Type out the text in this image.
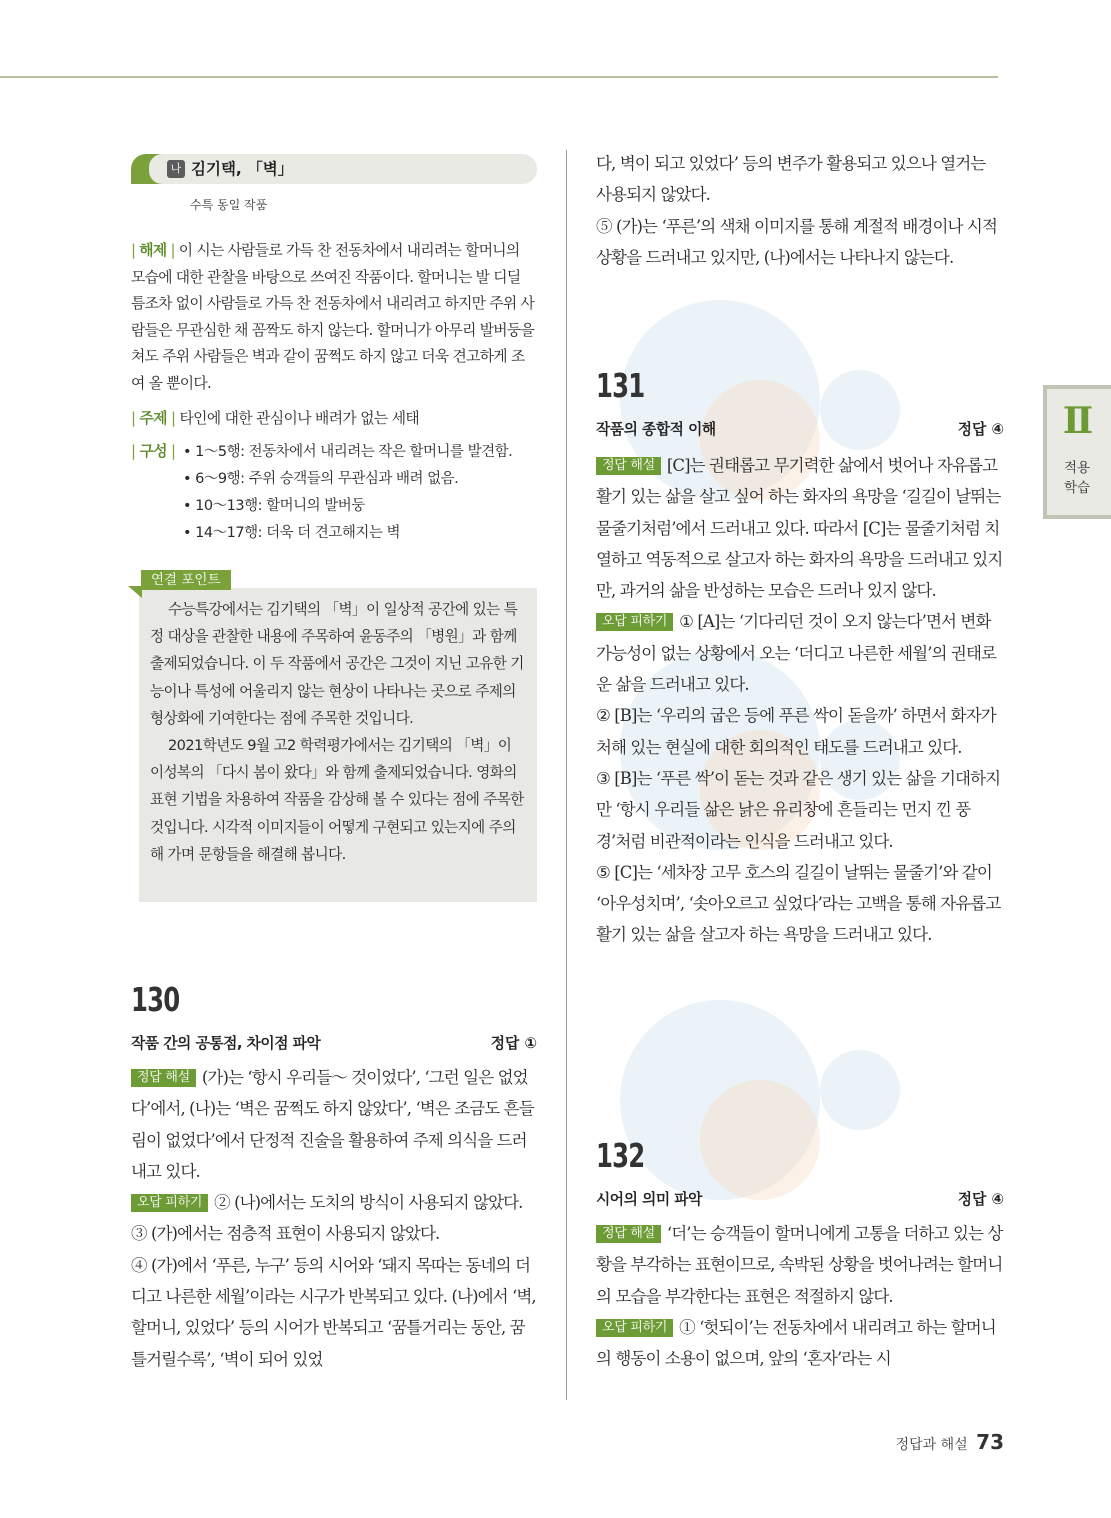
나 김기택, 「벽」
수특 동일 작품
| 해제 | 이 시는 사람들로 가득 찬 전동차에서 내리려는 할머니의 모습에 대한 관찰을 바탕으로 쓰여진 작품이다. 할머니는 발 디딜 틈조차 없이 사람들로 가득 찬 전동차에서 내리려고 하지만 주위 사람들은 무관심한 채 꼼짝도 하지 않는다. 할머니가 아무리 발버둥을 쳐도 주위 사람들은 벽과 같이 꿈쩍도 하지 않고 더욱 견고하게 조여 올 뿐이다.
| 주제 | 타인에 대한 관심이나 배려가 없는 세태
| 구성 | • 1～5행: 전동차에서 내리려는 작은 할머니를 발견함.
• 6～9행: 주위 승객들의 무관심과 배려 없음.
• 10～13행: 할머니의 발버둥
• 14～17행: 더욱 더 견고해지는 벽
연결 포인트

수능특강에서는 김기택의 「벽」이 일상적 공간에 있는 특정 대상을 관찰한 내용에 주목하여 윤동주의 「병원」과 함께 출제되었습니다. 이 두 작품에서 공간은 그것이 지닌 고유한 기능이나 특성에 어울리지 않는 현상이 나타나는 곳으로 주제의 형상화에 기여한다는 점에 주목한 것입니다.

2021학년도 9월 고2 학력평가에서는 김기택의 「벽」이 이성복의 「다시 봄이 왔다」와 함께 출제되었습니다. 영화의 표현 기법을 차용하여 작품을 감상해 볼 수 있다는 점에 주목한 것입니다. 시각적 이미지들이 어떻게 구현되고 있는지에 주의해 가며 문항들을 해결해 봅니다.

130
작품 간의 공통점, 차이점 파악	정답 ①

정답 해설 (가)는 ‘항시 우리들～ 것이었다’, ‘그런 일은 없었다’에서, (나)는 ‘벽은 꿈쩍도 하지 않았다’, ‘벽은 조금도 흔들림이 없었다’에서 단정적 진술을 활용하여 주제 의식을 드러내고 있다.

오답 피하기 ② (나)에서는 도치의 방식이 사용되지 않았다.

③ (가)에서는 점층적 표현이 사용되지 않았다.

④ (가)에서 ‘푸른, 누구’ 등의 시어와 ‘돼지 목따는 동네의 더디고 나른한 세월’이라는 시구가 반복되고 있다. (나)에서 ‘벽, 할머니, 있었다’ 등의 시어가 반복되고 ‘꿈틀거리는 동안, 꿈틀거릴수록’, ‘벽이 되어 있었

다, 벽이 되고 있었다’ 등의 변주가 활용되고 있으나 열거는 사용되지 않았다.

⑤ (가)는 ‘푸른’의 색채 이미지를 통해 계절적 배경이나 시적 상황을 드러내고 있지만, (나)에서는 나타나지 않는다.

131
작품의 종합적 이해	정답 ④

정답 해설 [C]는 권태롭고 무기력한 삶에서 벗어나 자유롭고 활기 있는 삶을 살고 싶어 하는 화자의 욕망을 ‘길길이 날뛰는 물줄기처럼’에서 드러내고 있다. 따라서 [C]는 물줄기처럼 치열하고 역동적으로 살고자 하는 화자의 욕망을 드러내고 있지만, 과거의 삶을 반성하는 모습은 드러나 있지 않다.

오답 피하기 ① [A]는 ‘기다리던 것이 오지 않는다’면서 변화 가능성이 없는 상황에서 오는 ‘더디고 나른한 세월’의 권태로운 삶을 드러내고 있다.

② [B]는 ‘우리의 굽은 등에 푸른 싹이 돋을까’ 하면서 화자가 처해 있는 현실에 대한 회의적인 태도를 드러내고 있다.

③ [B]는 ‘푸른 싹’이 돋는 것과 같은 생기 있는 삶을 기대하지만 ‘항시 우리들 삶은 낡은 유리창에 흔들리는 먼지 낀 풍경’처럼 비관적이라는 인식을 드러내고 있다.

⑤ [C]는 ‘세차장 고무 호스의 길길이 날뛰는 물줄기’와 같이 ‘아우성치며’, ‘솟아오르고 싶었다’라는 고백을 통해 자유롭고 활기 있는 삶을 살고자 하는 욕망을 드러내고 있다.

132
시어의 의미 파악	정답 ④

정답 해설 ‘더’는 승객들이 할머니에게 고통을 더하고 있는 상황을 부각하는 표현이므로, 속박된 상황을 벗어나려는 할머니의 모습을 부각한다는 표현은 적절하지 않다.

오답 피하기 ① ‘헛되이’는 전동차에서 내리려고 하는 할머니의 행동이 소용이 없으며, 앞의 ‘혼자’라는 시

Ⅱ
적용
학습
정답과 해설 73
